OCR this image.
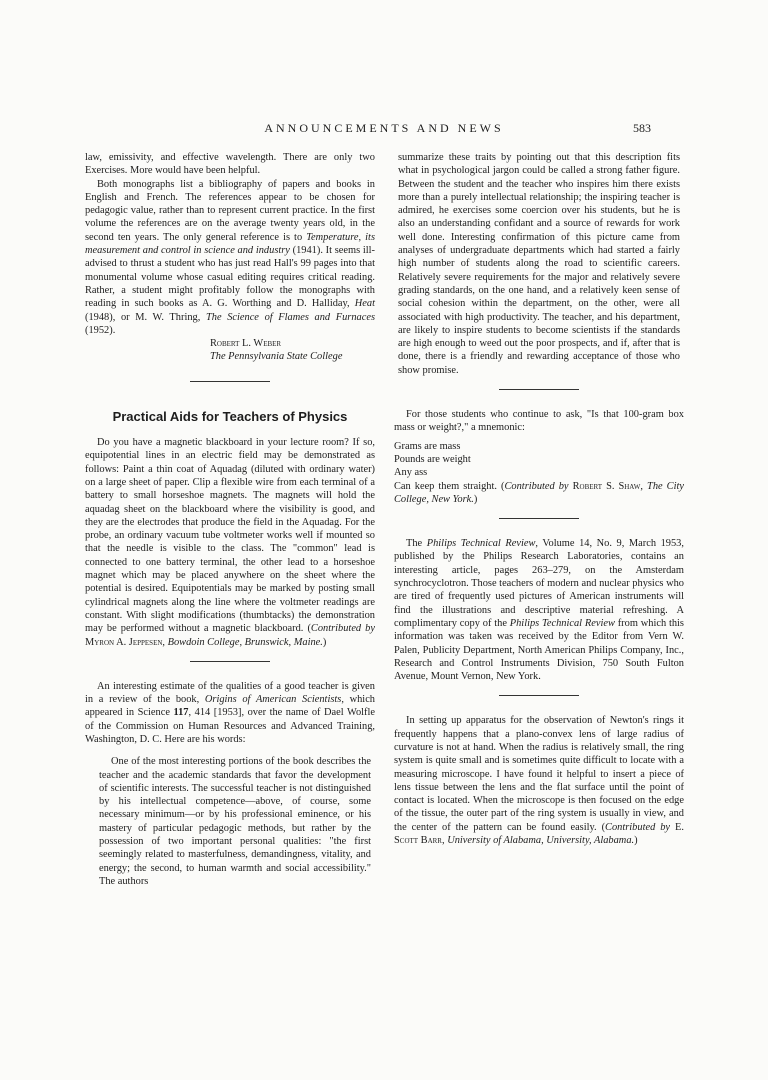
ANNOUNCEMENTS AND NEWS	583

law, emissivity, and effective wavelength. There are only two Exercises. More would have been helpful.

Both monographs list a bibliography of papers and books in English and French. The references appear to be chosen for pedagogic value, rather than to represent current practice. In the first volume the references are on the average twenty years old, in the second ten years. The only general reference is to Temperature, its measurement and control in science and industry (1941). It seems ill-advised to thrust a student who has just read Hall's 99 pages into that monumental volume whose casual editing requires critical reading. Rather, a student might profitably follow the monographs with reading in such books as A. G. Worthing and D. Halliday, Heat (1948), or M. W. Thring, The Science of Flames and Furnaces (1952).

Robert L. Weber

The Pennsylvania State College

Practical Aids for Teachers of Physics

Do you have a magnetic blackboard in your lecture room? If so, equipotential lines in an electric field may be demonstrated as follows: Paint a thin coat of Aquadag (diluted with ordinary water) on a large sheet of paper. Clip a flexible wire from each terminal of a battery to small horseshoe magnets. The magnets will hold the aquadag sheet on the blackboard where the visibility is good, and they are the electrodes that produce the field in the Aquadag. For the probe, an ordinary vacuum tube voltmeter works well if mounted so that the needle is visible to the class. The "common" lead is connected to one battery terminal, the other lead to a horseshoe magnet which may be placed anywhere on the sheet where the potential is desired. Equipotentials may be marked by posting small cylindrical magnets along the line where the voltmeter readings are constant. With slight modifications (thumbtacks) the demonstration may be performed without a magnetic blackboard. (Contributed by Myron A. Jeppesen, Bowdoin College, Brunswick, Maine.)

An interesting estimate of the qualities of a good teacher is given in a review of the book, Origins of American Scientists, which appeared in Science 117, 414 [1953], over the name of Dael Wolfle of the Commission on Human Resources and Advanced Training, Washington, D. C. Here are his words:

One of the most interesting portions of the book describes the teacher and the academic standards that favor the development of scientific interests. The successful teacher is not distinguished by his intellectual competence—above, of course, some necessary minimum—or by his professional eminence, or his mastery of particular pedagogic methods, but rather by the possession of two important personal qualities: "the first seemingly related to masterfulness, demandingness, vitality, and energy; the second, to human warmth and social accessibility." The authors

summarize these traits by pointing out that this description fits what in psychological jargon could be called a strong father figure. Between the student and the teacher who inspires him there exists more than a purely intellectual relationship; the inspiring teacher is admired, he exercises some coercion over his students, but he is also an understanding confidant and a source of rewards for work well done. Interesting confirmation of this picture came from analyses of undergraduate departments which had started a fairly high number of students along the road to scientific careers. Relatively severe requirements for the major and relatively severe grading standards, on the one hand, and a relatively keen sense of social cohesion within the department, on the other, were all associated with high productivity. The teacher, and his department, are likely to inspire students to become scientists if the standards are high enough to weed out the poor prospects, and if, after that is done, there is a friendly and rewarding acceptance of those who show promise.

For those students who continue to ask, "Is that 100-gram box mass or weight?," a mnemonic:

Grams are mass

Pounds are weight

Any ass

Can keep them straight. (Contributed by Robert S. Shaw, The City College, New York.)

The Philips Technical Review, Volume 14, No. 9, March 1953, published by the Philips Research Laboratories, contains an interesting article, pages 263–279, on the Amsterdam synchrocyclotron. Those teachers of modern and nuclear physics who are tired of frequently used pictures of American instruments will find the illustrations and descriptive material refreshing. A complimentary copy of the Philips Technical Review from which this information was taken was received by the Editor from Vern W. Palen, Publicity Department, North American Philips Company, Inc., Research and Control Instruments Division, 750 South Fulton Avenue, Mount Vernon, New York.

In setting up apparatus for the observation of Newton's rings it frequently happens that a plano-convex lens of large radius of curvature is not at hand. When the radius is relatively small, the ring system is quite small and is sometimes quite difficult to locate with a measuring microscope. I have found it helpful to insert a piece of lens tissue between the lens and the flat surface until the point of contact is located. When the microscope is then focused on the edge of the tissue, the outer part of the ring system is usually in view, and the center of the pattern can be found easily. (Contributed by E. Scott Barr, University of Alabama, University, Alabama.)
